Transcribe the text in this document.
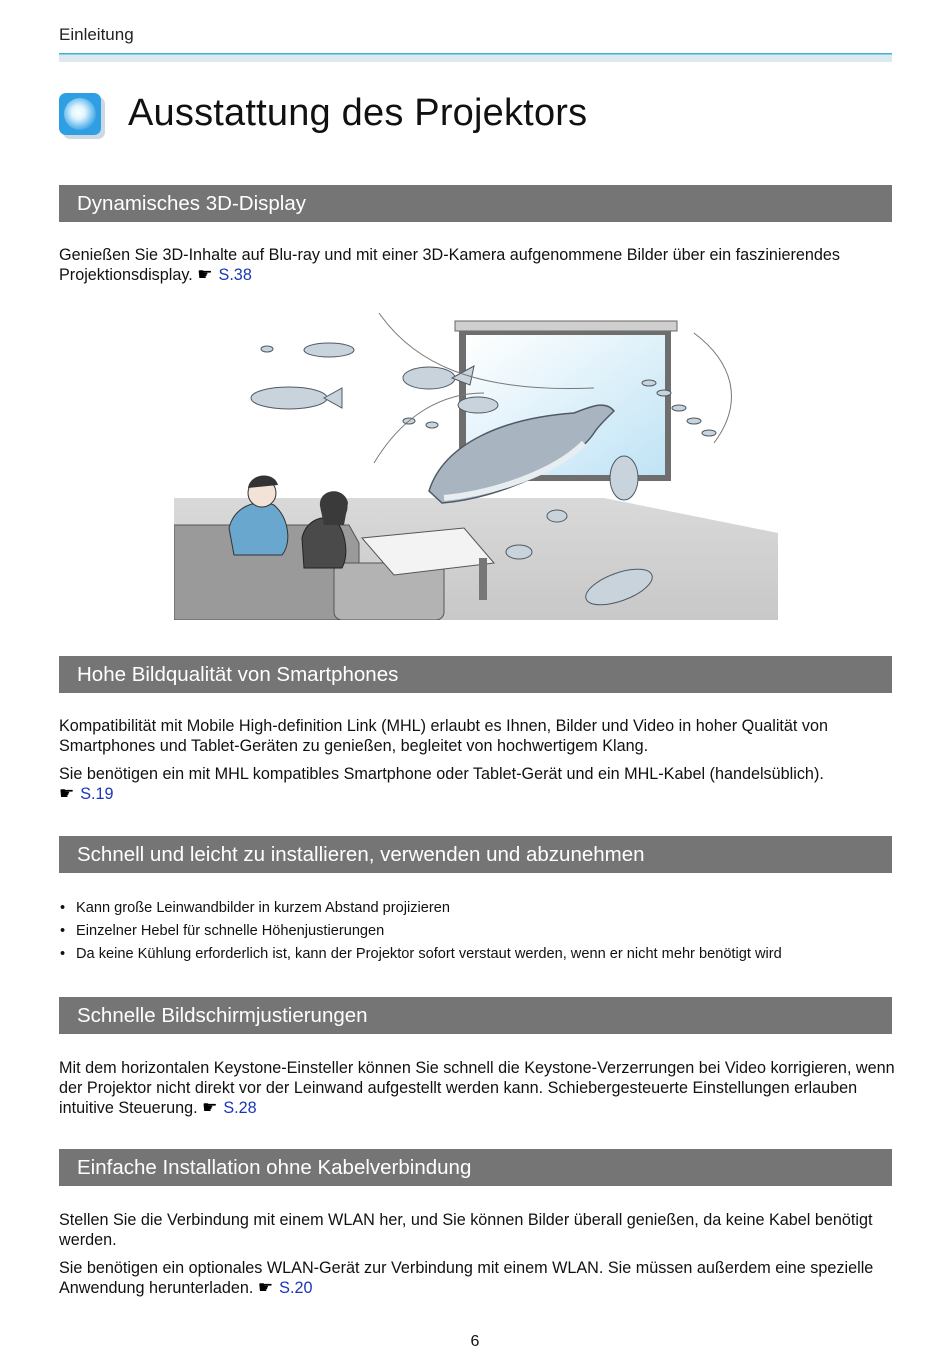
Einleitung
Ausstattung des Projektors
Dynamisches 3D-Display

Genießen Sie 3D-Inhalte auf Blu-ray und mit einer 3D-Kamera aufgenommene Bilder über ein faszinierendes Projektionsdisplay. ☛ S.38

Hohe Bildqualität von Smartphones

Kompatibilität mit Mobile High-definition Link (MHL) erlaubt es Ihnen, Bilder und Video in hoher Qualität von Smartphones und Tablet-Geräten zu genießen, begleitet von hochwertigem Klang.

Sie benötigen ein mit MHL kompatibles Smartphone oder Tablet-Gerät und ein MHL-Kabel (handelsüblich).
☛ S.19

Schnell und leicht zu installieren, verwenden und abzunehmen
• Kann große Leinwandbilder in kurzem Abstand projizieren
• Einzelner Hebel für schnelle Höhenjustierungen
• Da keine Kühlung erforderlich ist, kann der Projektor sofort verstaut werden, wenn er nicht mehr benötigt wird
Schnelle Bildschirmjustierungen

Mit dem horizontalen Keystone-Einsteller können Sie schnell die Keystone-Verzerrungen bei Video korrigieren, wenn der Projektor nicht direkt vor der Leinwand aufgestellt werden kann. Schiebergesteuerte Einstellungen erlauben intuitive Steuerung. ☛ S.28

Einfache Installation ohne Kabelverbindung

Stellen Sie die Verbindung mit einem WLAN her, und Sie können Bilder überall genießen, da keine Kabel benötigt werden.

Sie benötigen ein optionales WLAN-Gerät zur Verbindung mit einem WLAN. Sie müssen außerdem eine spezielle Anwendung herunterladen. ☛ S.20

6
